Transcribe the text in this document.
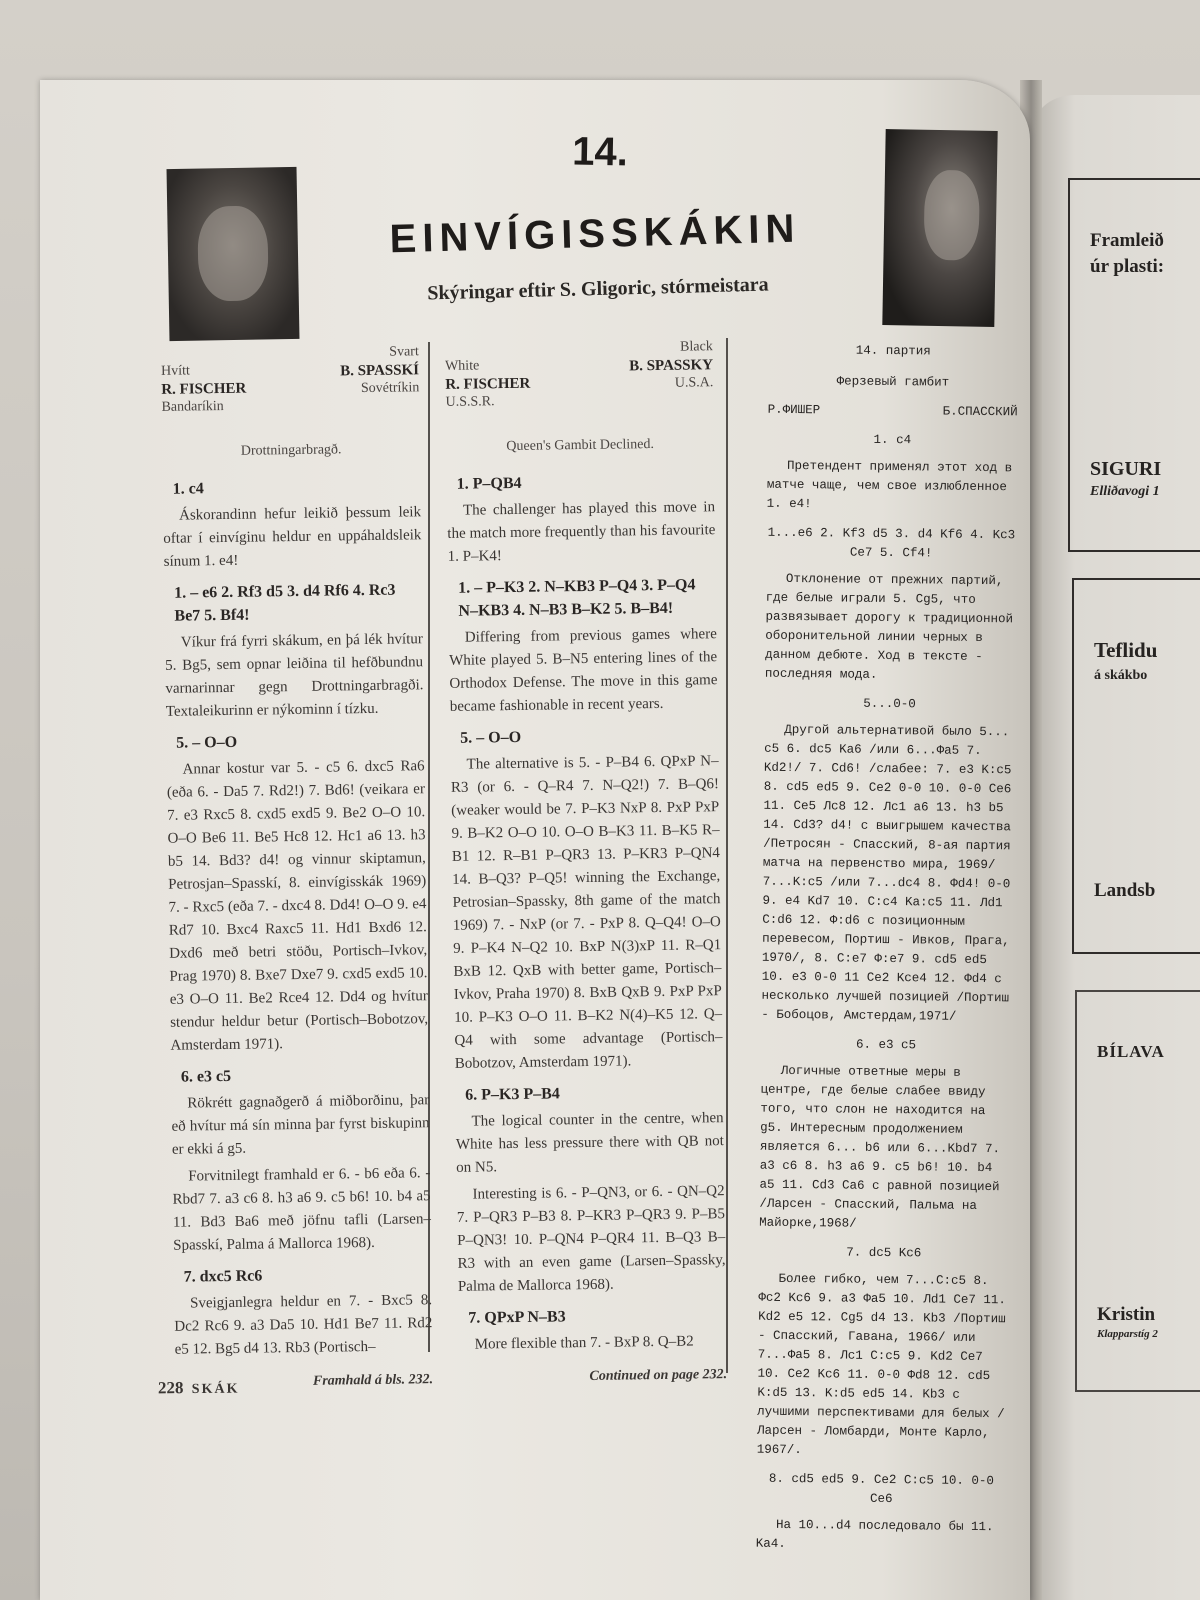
14.
EINVÍGISSKÁKIN
Skýringar eftir S. Gligoric, stórmeistara
Hvítt
R. FISCHER
Bandaríkin
Svart
B. SPASSKÍ
Sovétríkin
Drottningarbragð.
1. c4

Áskorandinn hefur leikið þessum leik oftar í einvíginu heldur en uppáhaldsleik sínum 1. e4!

1. – e6 2. Rf3 d5 3. d4 Rf6 4. Rc3 Be7 5. Bf4!

Víkur frá fyrri skákum, en þá lék hvítur 5. Bg5, sem opnar leiðina til hefðbundnu varnarinnar gegn Drottningarbragði. Textaleikurinn er nýkominn í tízku.

5. – O–O

Annar kostur var 5. - c5 6. dxc5 Ra6 (eða 6. - Da5 7. Rd2!) 7. Bd6! (veikara er 7. e3 Rxc5 8. cxd5 exd5 9. Be2 O–O 10. O–O Be6 11. Be5 Hc8 12. Hc1 a6 13. h3 b5 14. Bd3? d4! og vinnur skiptamun, Petrosjan–Spasskí, 8. einvígisskák 1969) 7. - Rxc5 (eða 7. - dxc4 8. Dd4! O–O 9. e4 Rd7 10. Bxc4 Raxc5 11. Hd1 Bxd6 12. Dxd6 með betri stöðu, Portisch–Ivkov, Prag 1970) 8. Bxe7 Dxe7 9. cxd5 exd5 10. e3 O–O 11. Be2 Rce4 12. Dd4 og hvítur stendur heldur betur (Portisch–Bobotzov, Amsterdam 1971).

6. e3 c5

Rökrétt gagnaðgerð á miðborðinu, þar eð hvítur má sín minna þar fyrst biskupinn er ekki á g5.

Forvitnilegt framhald er 6. - b6 eða 6. - Rbd7 7. a3 c6 8. h3 a6 9. c5 b6! 10. b4 a5 11. Bd3 Ba6 með jöfnu tafli (Larsen–Spasskí, Palma á Mallorca 1968).

7. dxc5 Rc6

Sveigjanlegra heldur en 7. - Bxc5 8. Dc2 Rc6 9. a3 Da5 10. Hd1 Be7 11. Rd2 e5 12. Bg5 d4 13. Rb3 (Portisch–

Framhald á bls. 232.
White
R. FISCHER
U.S.S.R.
Black
B. SPASSKY
U.S.A.
Queen's Gambit Declined.
1. P–QB4

The challenger has played this move in the match more frequently than his favourite 1. P–K4!

1. – P–K3 2. N–KB3 P–Q4 3. P–Q4 N–KB3 4. N–B3 B–K2 5. B–B4!

Differing from previous games where White played 5. B–N5 entering lines of the Orthodox Defense. The move in this game became fashionable in recent years.

5. – O–O

The alternative is 5. - P–B4 6. QPxP N–R3 (or 6. - Q–R4 7. N–Q2!) 7. B–Q6! (weaker would be 7. P–K3 NxP 8. PxP PxP 9. B–K2 O–O 10. O–O B–K3 11. B–K5 R–B1 12. R–B1 P–QR3 13. P–KR3 P–QN4 14. B–Q3? P–Q5! winning the Exchange, Petrosian–Spassky, 8th game of the match 1969) 7. - NxP (or 7. - PxP 8. Q–Q4! O–O 9. P–K4 N–Q2 10. BxP N(3)xP 11. R–Q1 BxB 12. QxB with better game, Portisch–Ivkov, Praha 1970) 8. BxB QxB 9. PxP PxP 10. P–K3 O–O 11. B–K2 N(4)–K5 12. Q–Q4 with some advantage (Portisch–Bobotzov, Amsterdam 1971).

6. P–K3 P–B4

The logical counter in the centre, when White has less pressure there with QB not on N5.

Interesting is 6. - P–QN3, or 6. - QN–Q2 7. P–QR3 P–B3 8. P–KR3 P–QR3 9. P–B5 P–QN3! 10. P–QN4 P–QR4 11. B–Q3 B–R3 with an even game (Larsen–Spassky, Palma de Mallorca 1968).

7. QPxP N–B3

More flexible than 7. - BxP 8. Q–B2

Continued on page 232.
14. партия
Ферзевый гамбит
Р.ФИШЕР	Б.СПАССКИЙ
1. c4

Претендент применял этот ход в матче чаще, чем свое излюбленное 1. e4!

1...e6 2. Kf3 d5 3. d4 Kf6 4. Kc3 Ce7 5. Cf4!

Отклонение от прежних партий, где белые играли 5. Cg5, что развязывает дорогу к традиционной оборонительной линии черных в данном дебюте. Ход в тексте - последняя мода.

5...0-0

Другой альтернативой было 5... c5 6. dc5 Ka6 /или 6...Фa5 7. Kd2!/ 7. Cd6! /слабее: 7. e3 K:c5 8. cd5 ed5 9. Ce2 0-0 10. 0-0 Ce6 11. Ce5 Лc8 12. Лc1 a6 13. h3 b5 14. Cd3? d4! с выигрышем качества /Петросян - Спасский, 8-ая партия матча на первенство мира, 1969/ 7...K:c5 /или 7...dc4 8. Фd4! 0-0 9. e4 Kd7 10. C:c4 Ka:c5 11. Лd1 C:d6 12. Ф:d6 с позиционным перевесом, Портиш - Ивков, Прага, 1970/, 8. C:e7 Ф:e7 9. cd5 ed5 10. e3 0-0 11 Ce2 Kce4 12. Фd4 с несколько лучшей позицией /Портиш - Бобоцов, Амстердам,1971/

6. e3 c5

Логичные ответные меры в центре, где белые слабее ввиду того, что слон не находится на g5. Интересным продолжением является 6... b6 или 6...Kbd7 7. a3 c6 8. h3 a6 9. c5 b6! 10. b4 a5 11. Cd3 Ca6 с равной позицией /Ларсен - Спасский, Пальма на Майорке,1968/

7. dc5 Kc6

Более гибко, чем 7...C:c5 8. Фc2 Kc6 9. a3 Фa5 10. Лd1 Ce7 11. Kd2 e5 12. Cg5 d4 13. Kb3 /Портиш - Спасский, Гавана, 1966/ или 7...Фa5 8. Лc1 C:c5 9. Kd2 Ce7 10. Ce2 Kc6 11. 0-0 Фd8 12. cd5 K:d5 13. K:d5 ed5 14. Kb3 с лучшими перспективами для белых /Ларсен - Ломбарди, Монте Карло, 1967/.

8. cd5 ed5 9. Ce2 C:c5 10. 0-0 Ce6

На 10...d4 последовало бы 11. Ka4.

228 SKÁK
Framleið
úr plasti:
SIGURI
Elliðavogi 1
Teflidu
á skákbo
Landsb
BÍLAVA
Kristin
Klapparstíg 2
